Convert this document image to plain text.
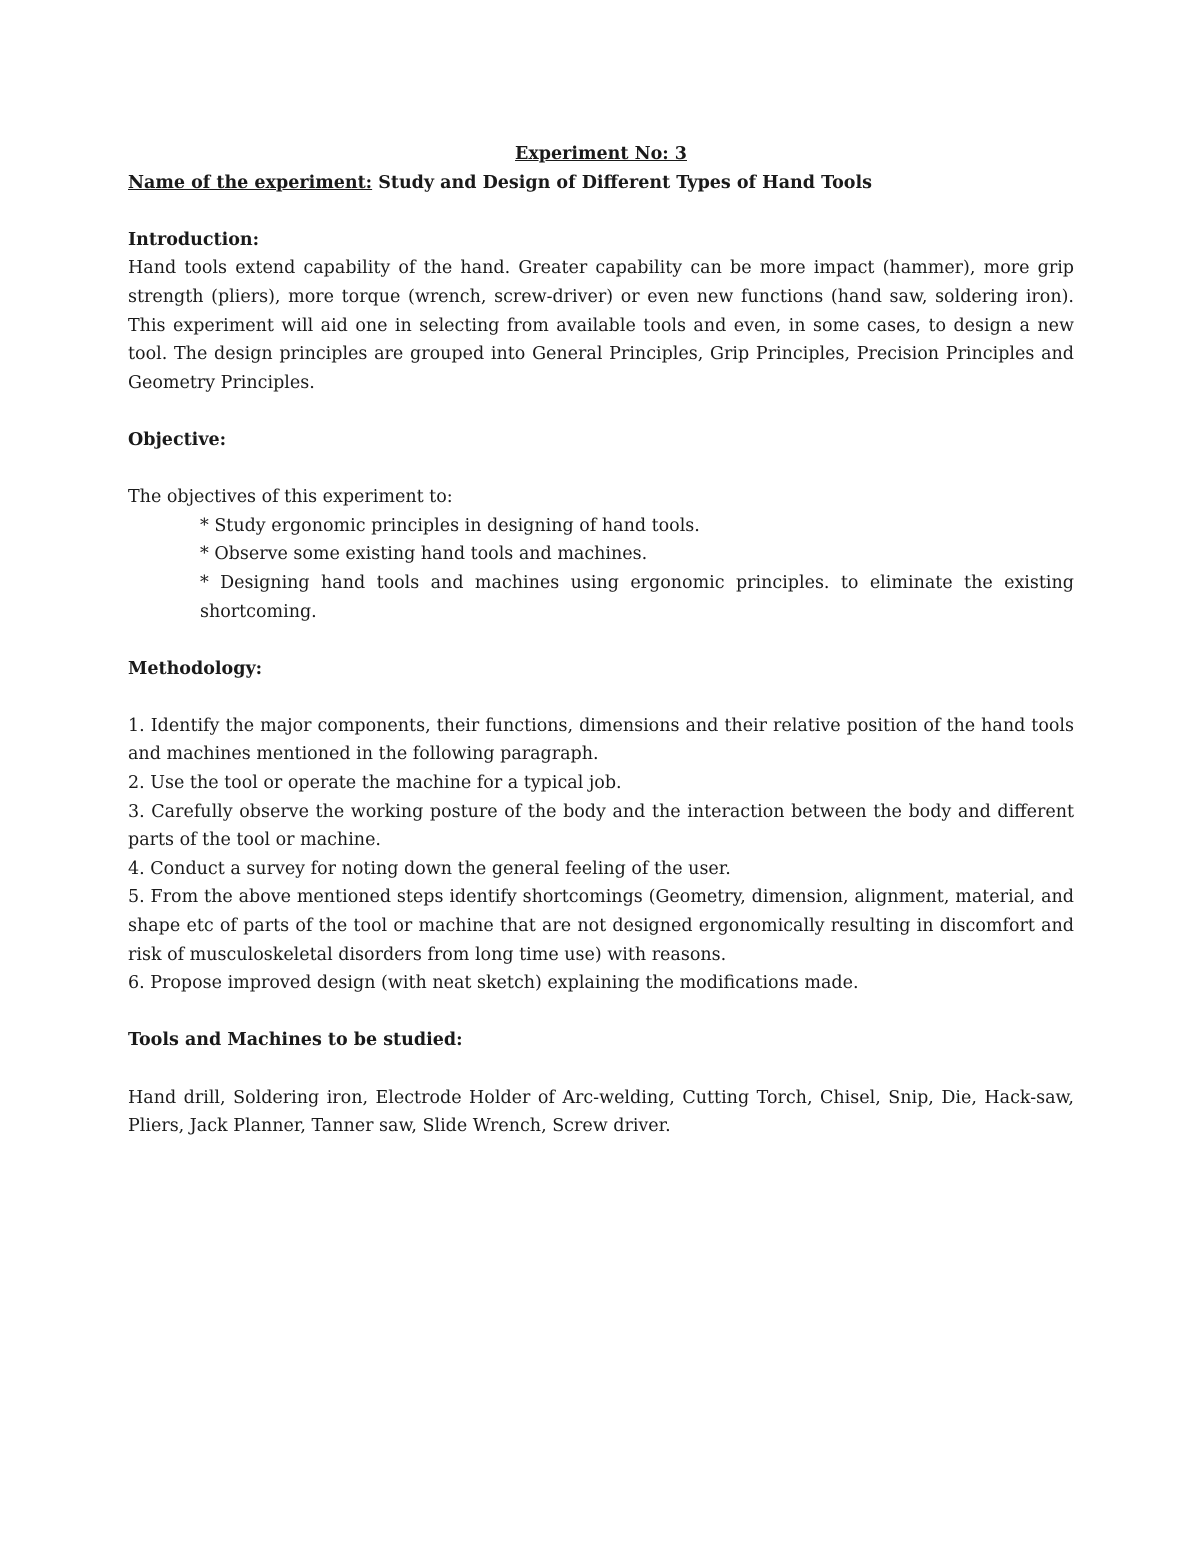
Experiment No: 3

Name of the experiment: Study and Design of Different Types of Hand Tools

Introduction:

Hand tools extend capability of the hand. Greater capability can be more impact (hammer), more grip strength (pliers), more torque (wrench, screw-driver) or even new functions (hand saw, soldering iron). This experiment will aid one in selecting from available tools and even, in some cases, to design a new tool. The design principles are grouped into General Principles, Grip Principles, Precision Principles and Geometry Principles.

Objective:

The objectives of this experiment to:

* Study ergonomic principles in designing of hand tools.

* Observe some existing hand tools and machines.

* Designing hand tools and machines using ergonomic principles. to eliminate the existing shortcoming.

Methodology:

1. Identify the major components, their functions, dimensions and their relative position of the hand tools and machines mentioned in the following paragraph.

2. Use the tool or operate the machine for a typical job.

3. Carefully observe the working posture of the body and the interaction between the body and different parts of the tool or machine.

4. Conduct a survey for noting down the general feeling of the user.

5. From the above mentioned steps identify shortcomings (Geometry, dimension, alignment, material, and shape etc of parts of the tool or machine that are not designed ergonomically resulting in discomfort and risk of musculoskeletal disorders from long time use) with reasons.

6. Propose improved design (with neat sketch) explaining the modifications made.

Tools and Machines to be studied:

Hand drill, Soldering iron, Electrode Holder of Arc-welding, Cutting Torch, Chisel, Snip, Die, Hack-saw, Pliers, Jack Planner, Tanner saw, Slide Wrench, Screw driver.
